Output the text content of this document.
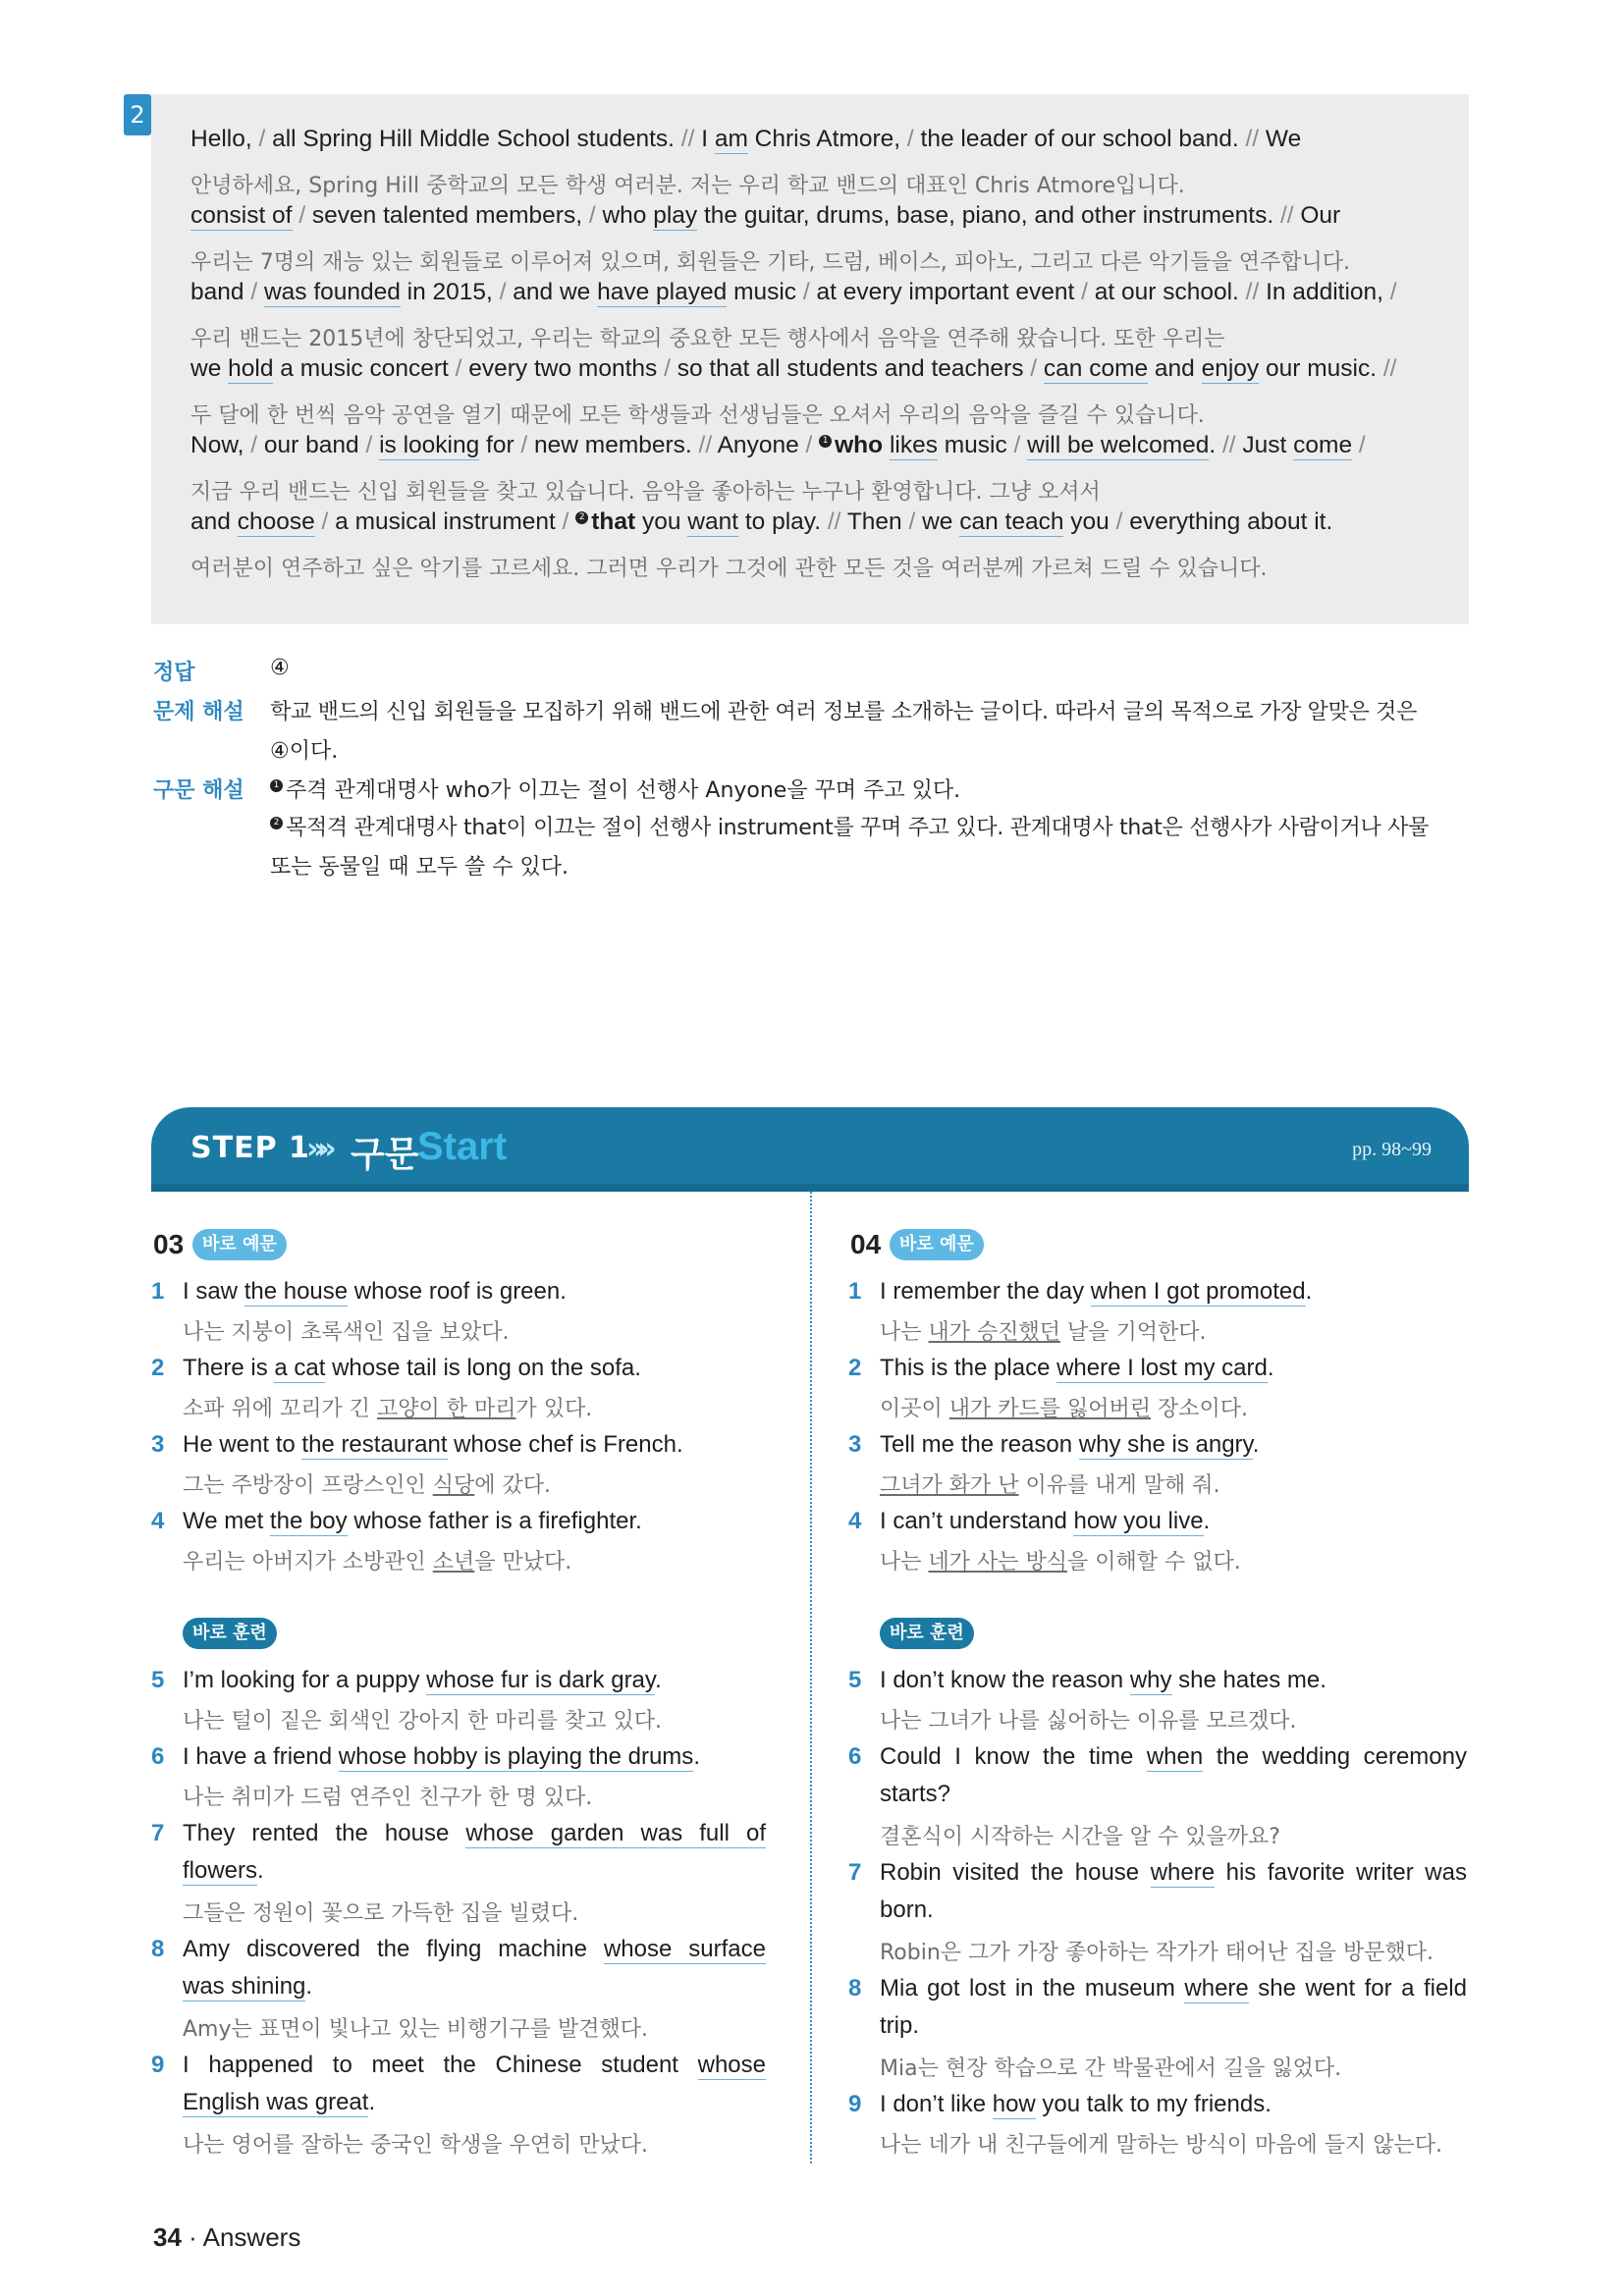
2
Hello, / all Spring Hill Middle School students. // I am Chris Atmore, / the leader of our school band. // We
안녕하세요, Spring Hill 중학교의 모든 학생 여러분. 저는 우리 학교 밴드의 대표인 Chris Atmore입니다.
consist of / seven talented members, / who play the guitar, drums, base, piano, and other instruments. // Our
우리는 7명의 재능 있는 회원들로 이루어져 있으며, 회원들은 기타, 드럼, 베이스, 피아노, 그리고 다른 악기들을 연주합니다.
band / was founded in 2015, / and we have played music / at every important event / at our school. // In addition, /
우리 밴드는 2015년에 창단되었고, 우리는 학교의 중요한 모든 행사에서 음악을 연주해 왔습니다. 또한 우리는
we hold a music concert / every two months / so that all students and teachers / can come and enjoy our music. //
두 달에 한 번씩 음악 공연을 열기 때문에 모든 학생들과 선생님들은 오셔서 우리의 음악을 즐길 수 있습니다.
Now, / our band / is looking for / new members. // Anyone / 1 who likes music / will be welcomed. // Just come /
지금 우리 밴드는 신입 회원들을 찾고 있습니다. 음악을 좋아하는 누구나 환영합니다. 그냥 오셔서
and choose / a musical instrument / 2 that you want to play. // Then / we can teach you / everything about it.
여러분이 연주하고 싶은 악기를 고르세요. 그러면 우리가 그것에 관한 모든 것을 여러분께 가르쳐 드릴 수 있습니다.
정답	④
문제 해설 학교 밴드의 신입 회원들을 모집하기 위해 밴드에 관한 여러 정보를 소개하는 글이다. 따라서 글의 목적으로 가장 알맞은 것은
④이다.
구문 해설	1 주격 관계대명사 who가 이끄는 절이 선행사 Anyone을 꾸며 주고 있다.
2 목적격 관계대명사 that이 이끄는 절이 선행사 instrument를 꾸며 주고 있다. 관계대명사 that은 선행사가 사람이거나 사물
또는 동물일 때 모두 쓸 수 있다.
STEP 1
»» 구문
Start	pp. 98~99
03	바로 예문
1 I saw the house whose roof is green.
나는 지붕이 초록색인 집을 보았다.
2 There is a cat whose tail is long on the sofa.
소파 위에 꼬리가 긴 고양이 한 마리가 있다.
3 He went to the restaurant whose chef is French.
그는 주방장이 프랑스인인 식당에 갔다.
4 We met the boy whose father is a firefighter.
우리는 아버지가 소방관인 소년을 만났다.
바로 훈련
5 I’m looking for a puppy whose fur is dark gray.
나는 털이 짙은 회색인 강아지 한 마리를 찾고 있다.
6 I have a friend whose hobby is playing the drums.
나는 취미가 드럼 연주인 친구가 한 명 있다.
7 They rented the house whose garden was full of
flowers.
그들은 정원이 꽃으로 가득한 집을 빌렸다.
8 Amy discovered the flying machine whose surface
was shining.
Amy는 표면이 빛나고 있는 비행기구를 발견했다.
9 I happened to meet the Chinese student whose
English was great.
나는 영어를 잘하는 중국인 학생을 우연히 만났다.
04	바로 예문
1 I remember the day when I got promoted.
나는 내가 승진했던 날을 기억한다.
2 This is the place where I lost my card.
이곳이 내가 카드를 잃어버린 장소이다.
3 Tell me the reason why she is angry.
그녀가 화가 난 이유를 내게 말해 줘.
4 I can’t understand how you live.
나는 네가 사는 방식을 이해할 수 없다.
바로 훈련
5 I don’t know the reason why she hates me.
나는 그녀가 나를 싫어하는 이유를 모르겠다.
6 Could I know the time when the wedding ceremony
starts?
결혼식이 시작하는 시간을 알 수 있을까요?
7 Robin visited the house where his favorite writer was
born.
Robin은 그가 가장 좋아하는 작가가 태어난 집을 방문했다.
8 Mia got lost in the museum where she went for a field
trip.
Mia는 현장 학습으로 간 박물관에서 길을 잃었다.
9 I don’t like how you talk to my friends.
나는 네가 내 친구들에게 말하는 방식이 마음에 들지 않는다.
34 · Answers
